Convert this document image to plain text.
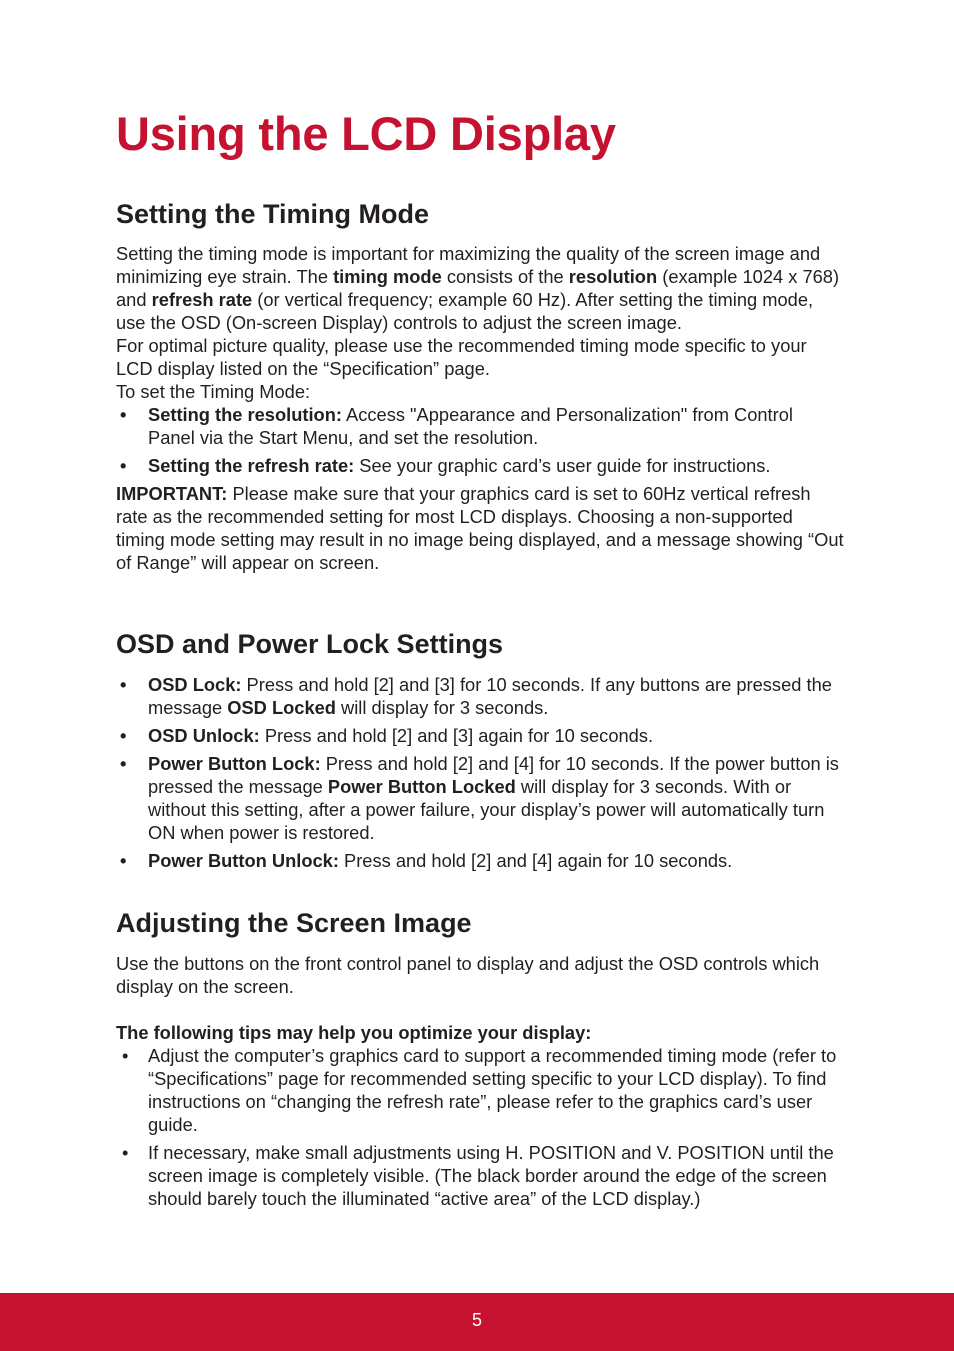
Using the LCD Display
Setting the Timing Mode

Setting the timing mode is important for maximizing the quality of the screen image and minimizing eye strain. The timing mode consists of the resolution (example 1024 x 768) and refresh rate (or vertical frequency; example 60 Hz). After setting the timing mode, use the OSD (On-screen Display) controls to adjust the screen image.

For optimal picture quality, please use the recommended timing mode specific to your LCD display listed on the “Specification” page.

To set the Timing Mode:

• Setting the resolution: Access "Appearance and Personalization" from Control Panel via the Start Menu, and set the resolution.
• Setting the refresh rate: See your graphic card’s user guide for instructions.

IMPORTANT: Please make sure that your graphics card is set to 60Hz vertical refresh rate as the recommended setting for most LCD displays. Choosing a non-supported timing mode setting may result in no image being displayed, and a message showing “Out of Range” will appear on screen.

OSD and Power Lock Settings
• OSD Lock: Press and hold [2] and [3] for 10 seconds. If any buttons are pressed the message OSD Locked will display for 3 seconds.
• OSD Unlock: Press and hold [2] and [3] again for 10 seconds.
• Power Button Lock: Press and hold [2] and [4] for 10 seconds. If the power button is pressed the message Power Button Locked will display for 3 seconds. With or without this setting, after a power failure, your display’s power will automatically turn ON when power is restored.
• Power Button Unlock: Press and hold [2] and [4] again for 10 seconds.
Adjusting the Screen Image

Use the buttons on the front control panel to display and adjust the OSD controls which display on the screen.

The following tips may help you optimize your display:

• Adjust the computer’s graphics card to support a recommended timing mode (refer to “Specifications” page for recommended setting specific to your LCD display). To find instructions on “changing the refresh rate”, please refer to the graphics card’s user guide.
• If necessary, make small adjustments using H. POSITION and V. POSITION until the screen image is completely visible. (The black border around the edge of the screen should barely touch the illuminated “active area” of the LCD display.)
5
